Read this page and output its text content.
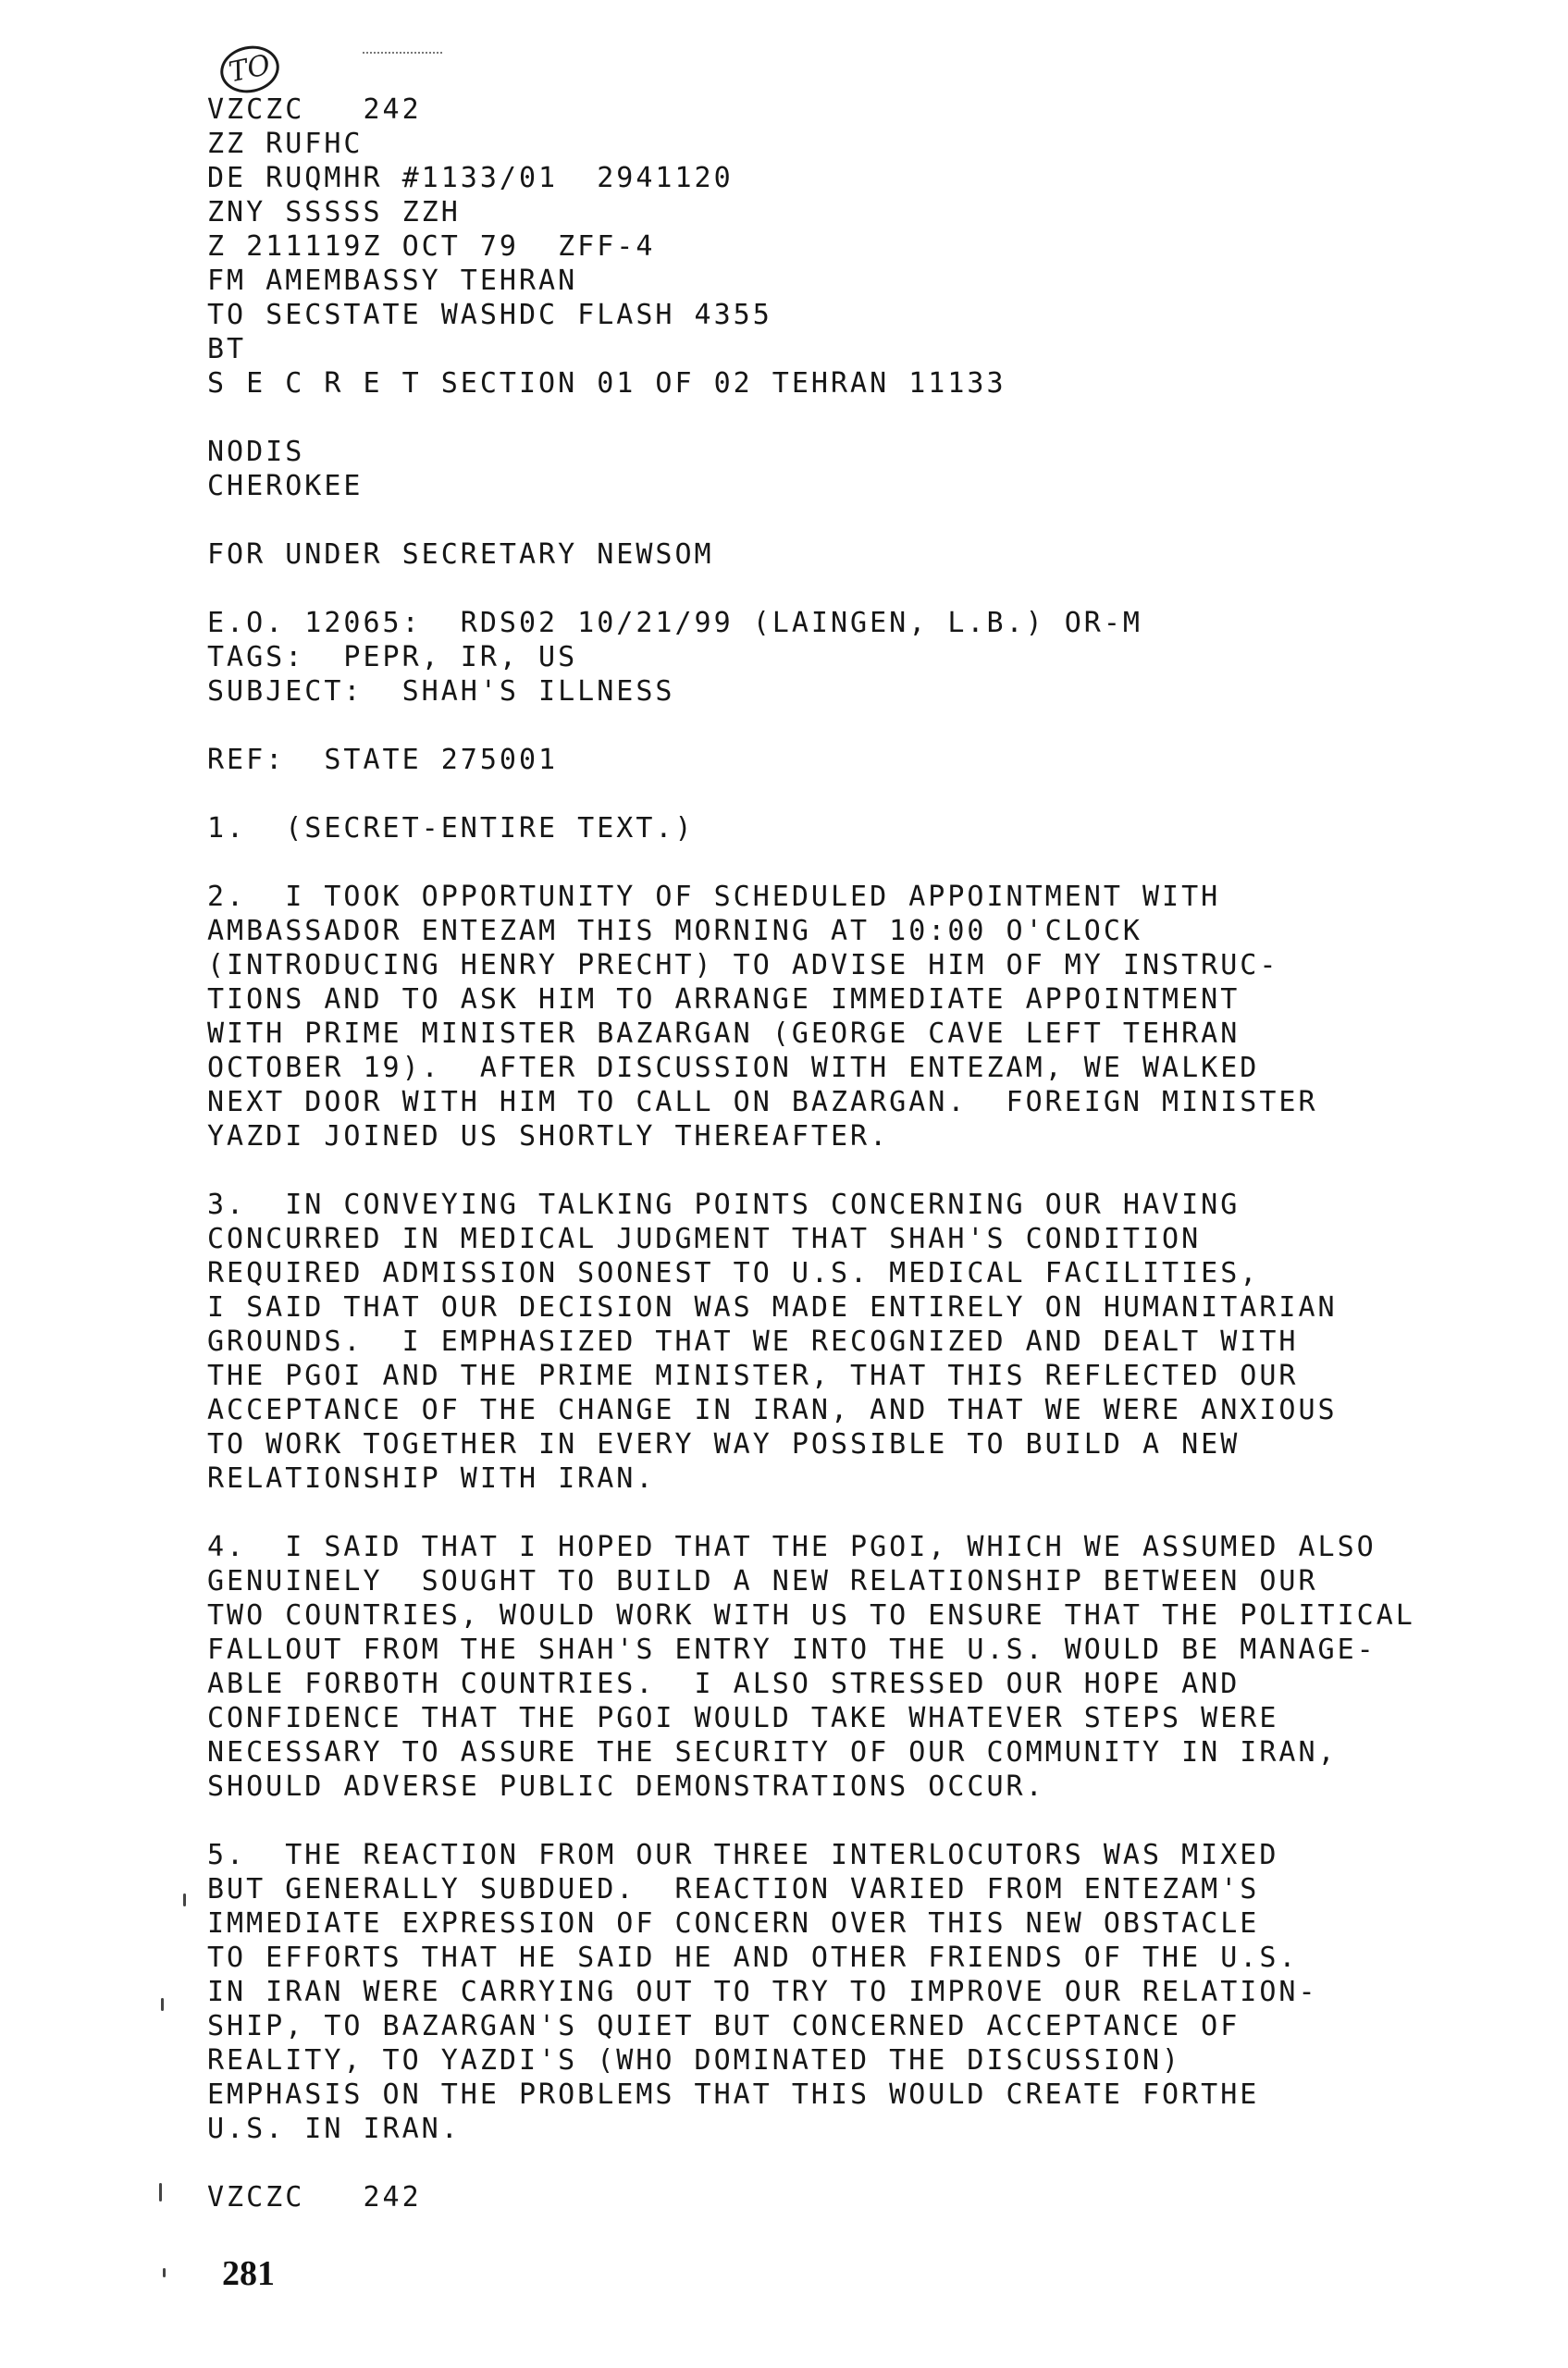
TO
VZCZC   242
ZZ RUFHC
DE RUQMHR #1133/01  2941120
ZNY SSSSS ZZH
Z 211119Z OCT 79  ZFF-4
FM AMEMBASSY TEHRAN
TO SECSTATE WASHDC FLASH 4355
BT
S E C R E T SECTION 01 OF 02 TEHRAN 11133
NODIS
CHEROKEE
FOR UNDER SECRETARY NEWSOM
E.O. 12065:  RDS02 10/21/99 (LAINGEN, L.B.) OR-M
TAGS:  PEPR, IR, US
SUBJECT:  SHAH'S ILLNESS
REF:  STATE 275001
1.  (SECRET-ENTIRE TEXT.)
2.  I TOOK OPPORTUNITY OF SCHEDULED APPOINTMENT WITH
AMBASSADOR ENTEZAM THIS MORNING AT 10:00 O'CLOCK
(INTRODUCING HENRY PRECHT) TO ADVISE HIM OF MY INSTRUC-
TIONS AND TO ASK HIM TO ARRANGE IMMEDIATE APPOINTMENT
WITH PRIME MINISTER BAZARGAN (GEORGE CAVE LEFT TEHRAN
OCTOBER 19).  AFTER DISCUSSION WITH ENTEZAM, WE WALKED
NEXT DOOR WITH HIM TO CALL ON BAZARGAN.  FOREIGN MINISTER
YAZDI JOINED US SHORTLY THEREAFTER.
3.  IN CONVEYING TALKING POINTS CONCERNING OUR HAVING
CONCURRED IN MEDICAL JUDGMENT THAT SHAH'S CONDITION
REQUIRED ADMISSION SOONEST TO U.S. MEDICAL FACILITIES,
I SAID THAT OUR DECISION WAS MADE ENTIRELY ON HUMANITARIAN
GROUNDS.  I EMPHASIZED THAT WE RECOGNIZED AND DEALT WITH
THE PGOI AND THE PRIME MINISTER, THAT THIS REFLECTED OUR
ACCEPTANCE OF THE CHANGE IN IRAN, AND THAT WE WERE ANXIOUS
TO WORK TOGETHER IN EVERY WAY POSSIBLE TO BUILD A NEW
RELATIONSHIP WITH IRAN.
4.  I SAID THAT I HOPED THAT THE PGOI, WHICH WE ASSUMED ALSO
GENUINELY  SOUGHT TO BUILD A NEW RELATIONSHIP BETWEEN OUR
TWO COUNTRIES, WOULD WORK WITH US TO ENSURE THAT THE POLITICAL
FALLOUT FROM THE SHAH'S ENTRY INTO THE U.S. WOULD BE MANAGE-
ABLE FORBOTH COUNTRIES.  I ALSO STRESSED OUR HOPE AND
CONFIDENCE THAT THE PGOI WOULD TAKE WHATEVER STEPS WERE
NECESSARY TO ASSURE THE SECURITY OF OUR COMMUNITY IN IRAN,
SHOULD ADVERSE PUBLIC DEMONSTRATIONS OCCUR.
5.  THE REACTION FROM OUR THREE INTERLOCUTORS WAS MIXED
BUT GENERALLY SUBDUED.  REACTION VARIED FROM ENTEZAM'S
IMMEDIATE EXPRESSION OF CONCERN OVER THIS NEW OBSTACLE
TO EFFORTS THAT HE SAID HE AND OTHER FRIENDS OF THE U.S.
IN IRAN WERE CARRYING OUT TO TRY TO IMPROVE OUR RELATION-
SHIP, TO BAZARGAN'S QUIET BUT CONCERNED ACCEPTANCE OF
REALITY, TO YAZDI'S (WHO DOMINATED THE DISCUSSION)
EMPHASIS ON THE PROBLEMS THAT THIS WOULD CREATE FORTHE
U.S. IN IRAN.
VZCZC   242
281
